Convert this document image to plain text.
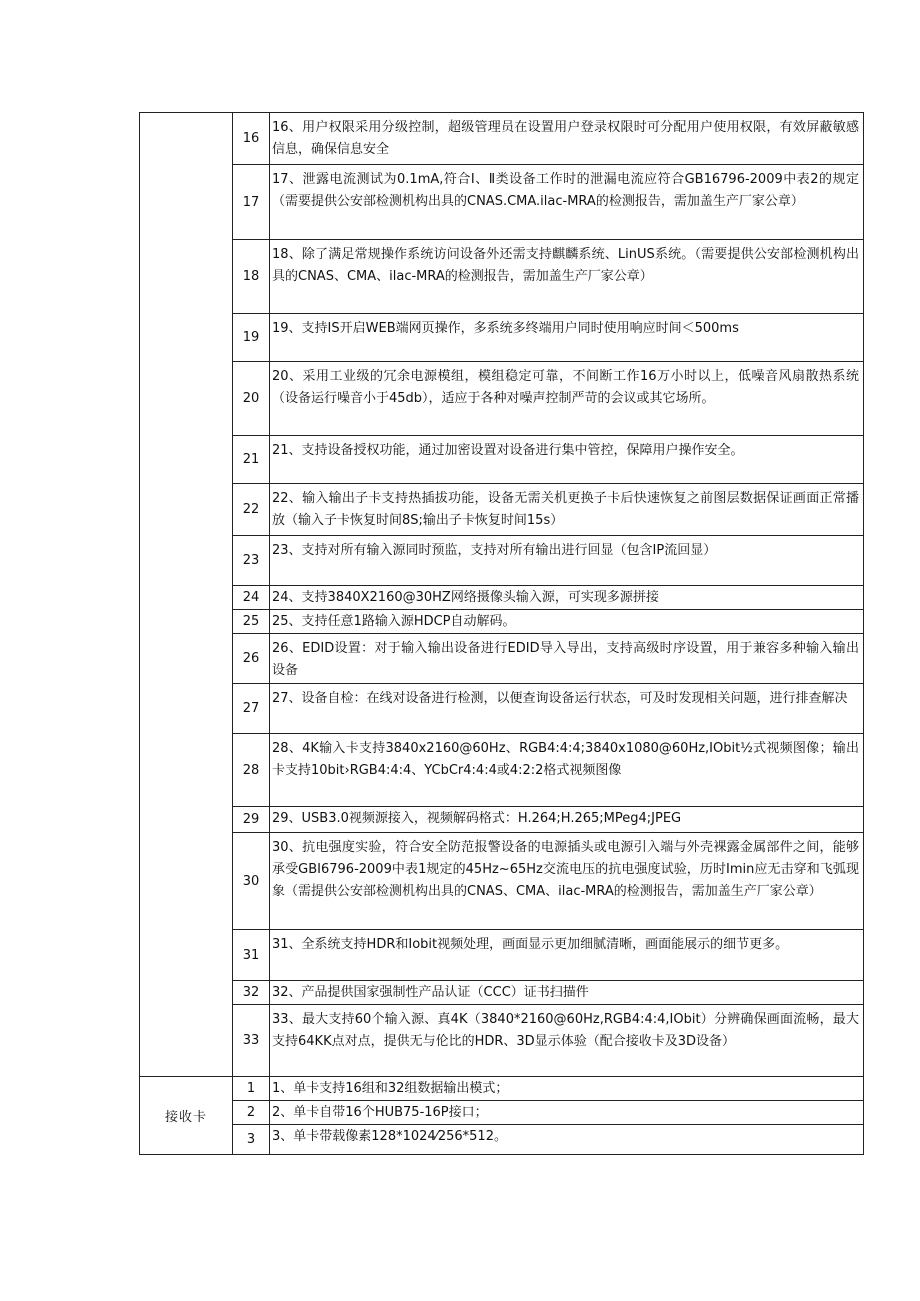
	16	16、用户权限采用分级控制，超级管理员在设置用户登录权限时可分配用户使用权限，有效屏蔽敏感信息，确保信息安全
	17	17、泄露电流测试为0.1mA,符合Ⅰ、Ⅱ类设备工作时的泄漏电流应符合GB16796-2009中表2的规定（需要提供公安部检测机构出具的CNAS.CMA.ilac-MRA的检测报告，需加盖生产厂家公章）
	18	18、除了满足常规操作系统访问设备外还需支持麒麟系统、LinUS系统。（需要提供公安部检测机构出具的CNAS、CMA、ilac-MRA的检测报告，需加盖生产厂家公章）
	19	19、支持IS开启WEB端网页操作，多系统多终端用户同时使用响应时间＜500ms
	20	20、采用工业级的冗余电源模组，模组稳定可靠，不间断工作16万小时以上，低噪音风扇散热系统（设备运行噪音小于45db），适应于各种对噪声控制严苛的会议或其它场所。
	21	21、支持设备授权功能，通过加密设置对设备进行集中管控，保障用户操作安全。
	22	22、输入输出子卡支持热插拔功能，设备无需关机更换子卡后快速恢复之前图层数据保证画面正常播放（输入子卡恢复时间8S;输出子卡恢复时间15s）
	23	23、支持对所有输入源同时预监，支持对所有输出进行回显（包含IP流回显）
	24	24、支持3840X2160@30HZ网络摄像头输入源，可实现多源拼接
	25	25、支持任意1路输入源HDCP自动解码。
	26	26、EDID设置：对于输入输出设备进行EDID导入导出，支持高级时序设置，用于兼容多种输入输出设备
	27	27、设备自检：在线对设备进行检测，以便查询设备运行状态，可及时发现相关问题，进行排查解决
	28	28、4K输入卡支持3840x2160@60Hz、RGB4:4:4;3840x1080@60Hz,IObit½式视频图像；输出卡支持10bit›RGB4:4:4、YCbCr4:4:4或4:2:2格式视频图像
	29	29、USB3.0视频源接入，视频解码格式：H.264;H.265;MPeg4;JPEG
	30	30、抗电强度实验，符合安全防范报警设备的电源插头或电源引入端与外壳裸露金属部件之间，能够承受GBI6796-2009中表1规定的45Hz~65Hz交流电压的抗电强度试验，历时Imin应无击穿和飞弧现象（需提供公安部检测机构出具的CNAS、CMA、ilac-MRA的检测报告，需加盖生产厂家公章）
	31	31、全系统支持HDR和Iobit视频处理，画面显示更加细腻清晰，画面能展示的细节更多。
	32	32、产品提供国家强制性产品认证（CCC）证书扫描件
	33	33、最大支持60个输入源、真4K（3840*2160@60Hz,RGB4:4:4,IObit）分辨确保画面流畅，最大支持64KK点对点，提供无与伦比的HDR、3D显示体验（配合接收卡及3D设备）
接收卡	1	1、单卡支持16组和32组数据输出模式；
	2	2、单卡自带16个HUB75-16P接口；
	3	3、单卡带载像素128*1024⁄256*512。
